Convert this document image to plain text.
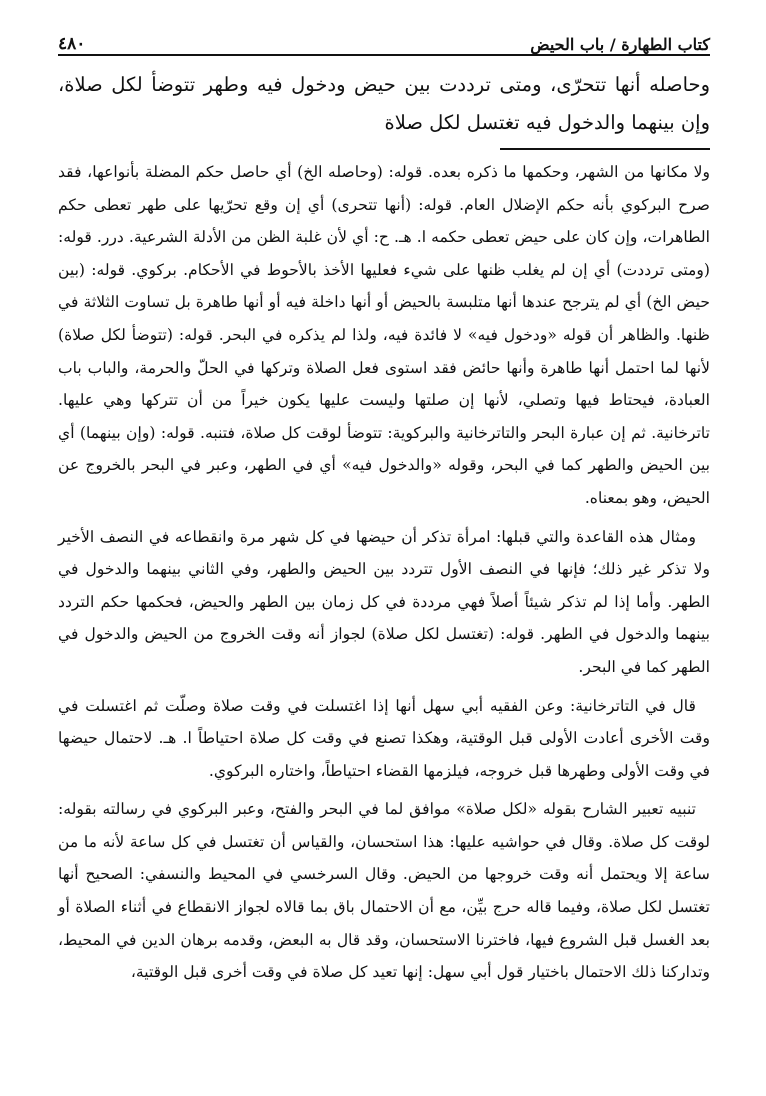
٤٨٠	كتاب الطهارة / باب الحيض

وحاصله أنها تتحرّى، ومتى ترددت بين حيض ودخول فيه وطهر تتوضأ لكل صلاة، وإن بينهما والدخول فيه تغتسل لكل صلاة

ولا مكانها من الشهر، وحكمها ما ذكره بعده. قوله: (وحاصله الخ) أي حاصل حكم المضلة بأنواعها، فقد صرح البركوي بأنه حكم الإضلال العام. قوله: (أنها تتحرى) أي إن وقع تحرّيها على طهر تعطى حكم الطاهرات، وإن كان على حيض تعطى حكمه ا. هـ. ح: أي لأن غلبة الظن من الأدلة الشرعية. درر. قوله: (ومتى ترددت) أي إن لم يغلب ظنها على شيء فعليها الأخذ بالأحوط في الأحكام. بركوي. قوله: (بين حيض الخ) أي لم يترجح عندها أنها متلبسة بالحيض أو أنها داخلة فيه أو أنها طاهرة بل تساوت الثلاثة في ظنها. والظاهر أن قوله «ودخول فيه» لا فائدة فيه، ولذا لم يذكره في البحر. قوله: (تتوضأ لكل صلاة) لأنها لما احتمل أنها طاهرة وأنها حائض فقد استوى فعل الصلاة وتركها في الحلّ والحرمة، والباب باب العبادة، فيحتاط فيها وتصلي، لأنها إن صلتها وليست عليها يكون خيراً من أن تتركها وهي عليها. تاترخانية. ثم إن عبارة البحر والتاترخانية والبركوية: تتوضأ لوقت كل صلاة، فتنبه. قوله: (وإن بينهما) أي بين الحيض والطهر كما في البحر، وقوله «والدخول فيه» أي في الطهر، وعبر في البحر بالخروج عن الحيض، وهو بمعناه.

ومثال هذه القاعدة والتي قبلها: امرأة تذكر أن حيضها في كل شهر مرة وانقطاعه في النصف الأخير ولا تذكر غير ذلك؛ فإنها في النصف الأول تتردد بين الحيض والطهر، وفي الثاني بينهما والدخول في الطهر. وأما إذا لم تذكر شيئاً أصلاً فهي مرددة في كل زمان بين الطهر والحيض، فحكمها حكم التردد بينهما والدخول في الطهر. قوله: (تغتسل لكل صلاة) لجواز أنه وقت الخروج من الحيض والدخول في الطهر كما في البحر.

قال في التاترخانية: وعن الفقيه أبي سهل أنها إذا اغتسلت في وقت صلاة وصلّت ثم اغتسلت في وقت الأخرى أعادت الأولى قبل الوقتية، وهكذا تصنع في وقت كل صلاة احتياطاً ا. هـ. لاحتمال حيضها في وقت الأولى وطهرها قبل خروجه، فيلزمها القضاء احتياطاً، واختاره البركوي.

تنبيه تعبير الشارح بقوله «لكل صلاة» موافق لما في البحر والفتح، وعبر البركوي في رسالته بقوله: لوقت كل صلاة. وقال في حواشيه عليها: هذا استحسان، والقياس أن تغتسل في كل ساعة لأنه ما من ساعة إلا ويحتمل أنه وقت خروجها من الحيض. وقال السرخسي في المحيط والنسفي: الصحيح أنها تغتسل لكل صلاة، وفيما قاله حرج بيِّن، مع أن الاحتمال باق بما قالاه لجواز الانقطاع في أثناء الصلاة أو بعد الغسل قبل الشروع فيها، فاخترنا الاستحسان، وقد قال به البعض، وقدمه برهان الدين في المحيط، وتداركنا ذلك الاحتمال باختيار قول أبي سهل: إنها تعيد كل صلاة في وقت أخرى قبل الوقتية،
